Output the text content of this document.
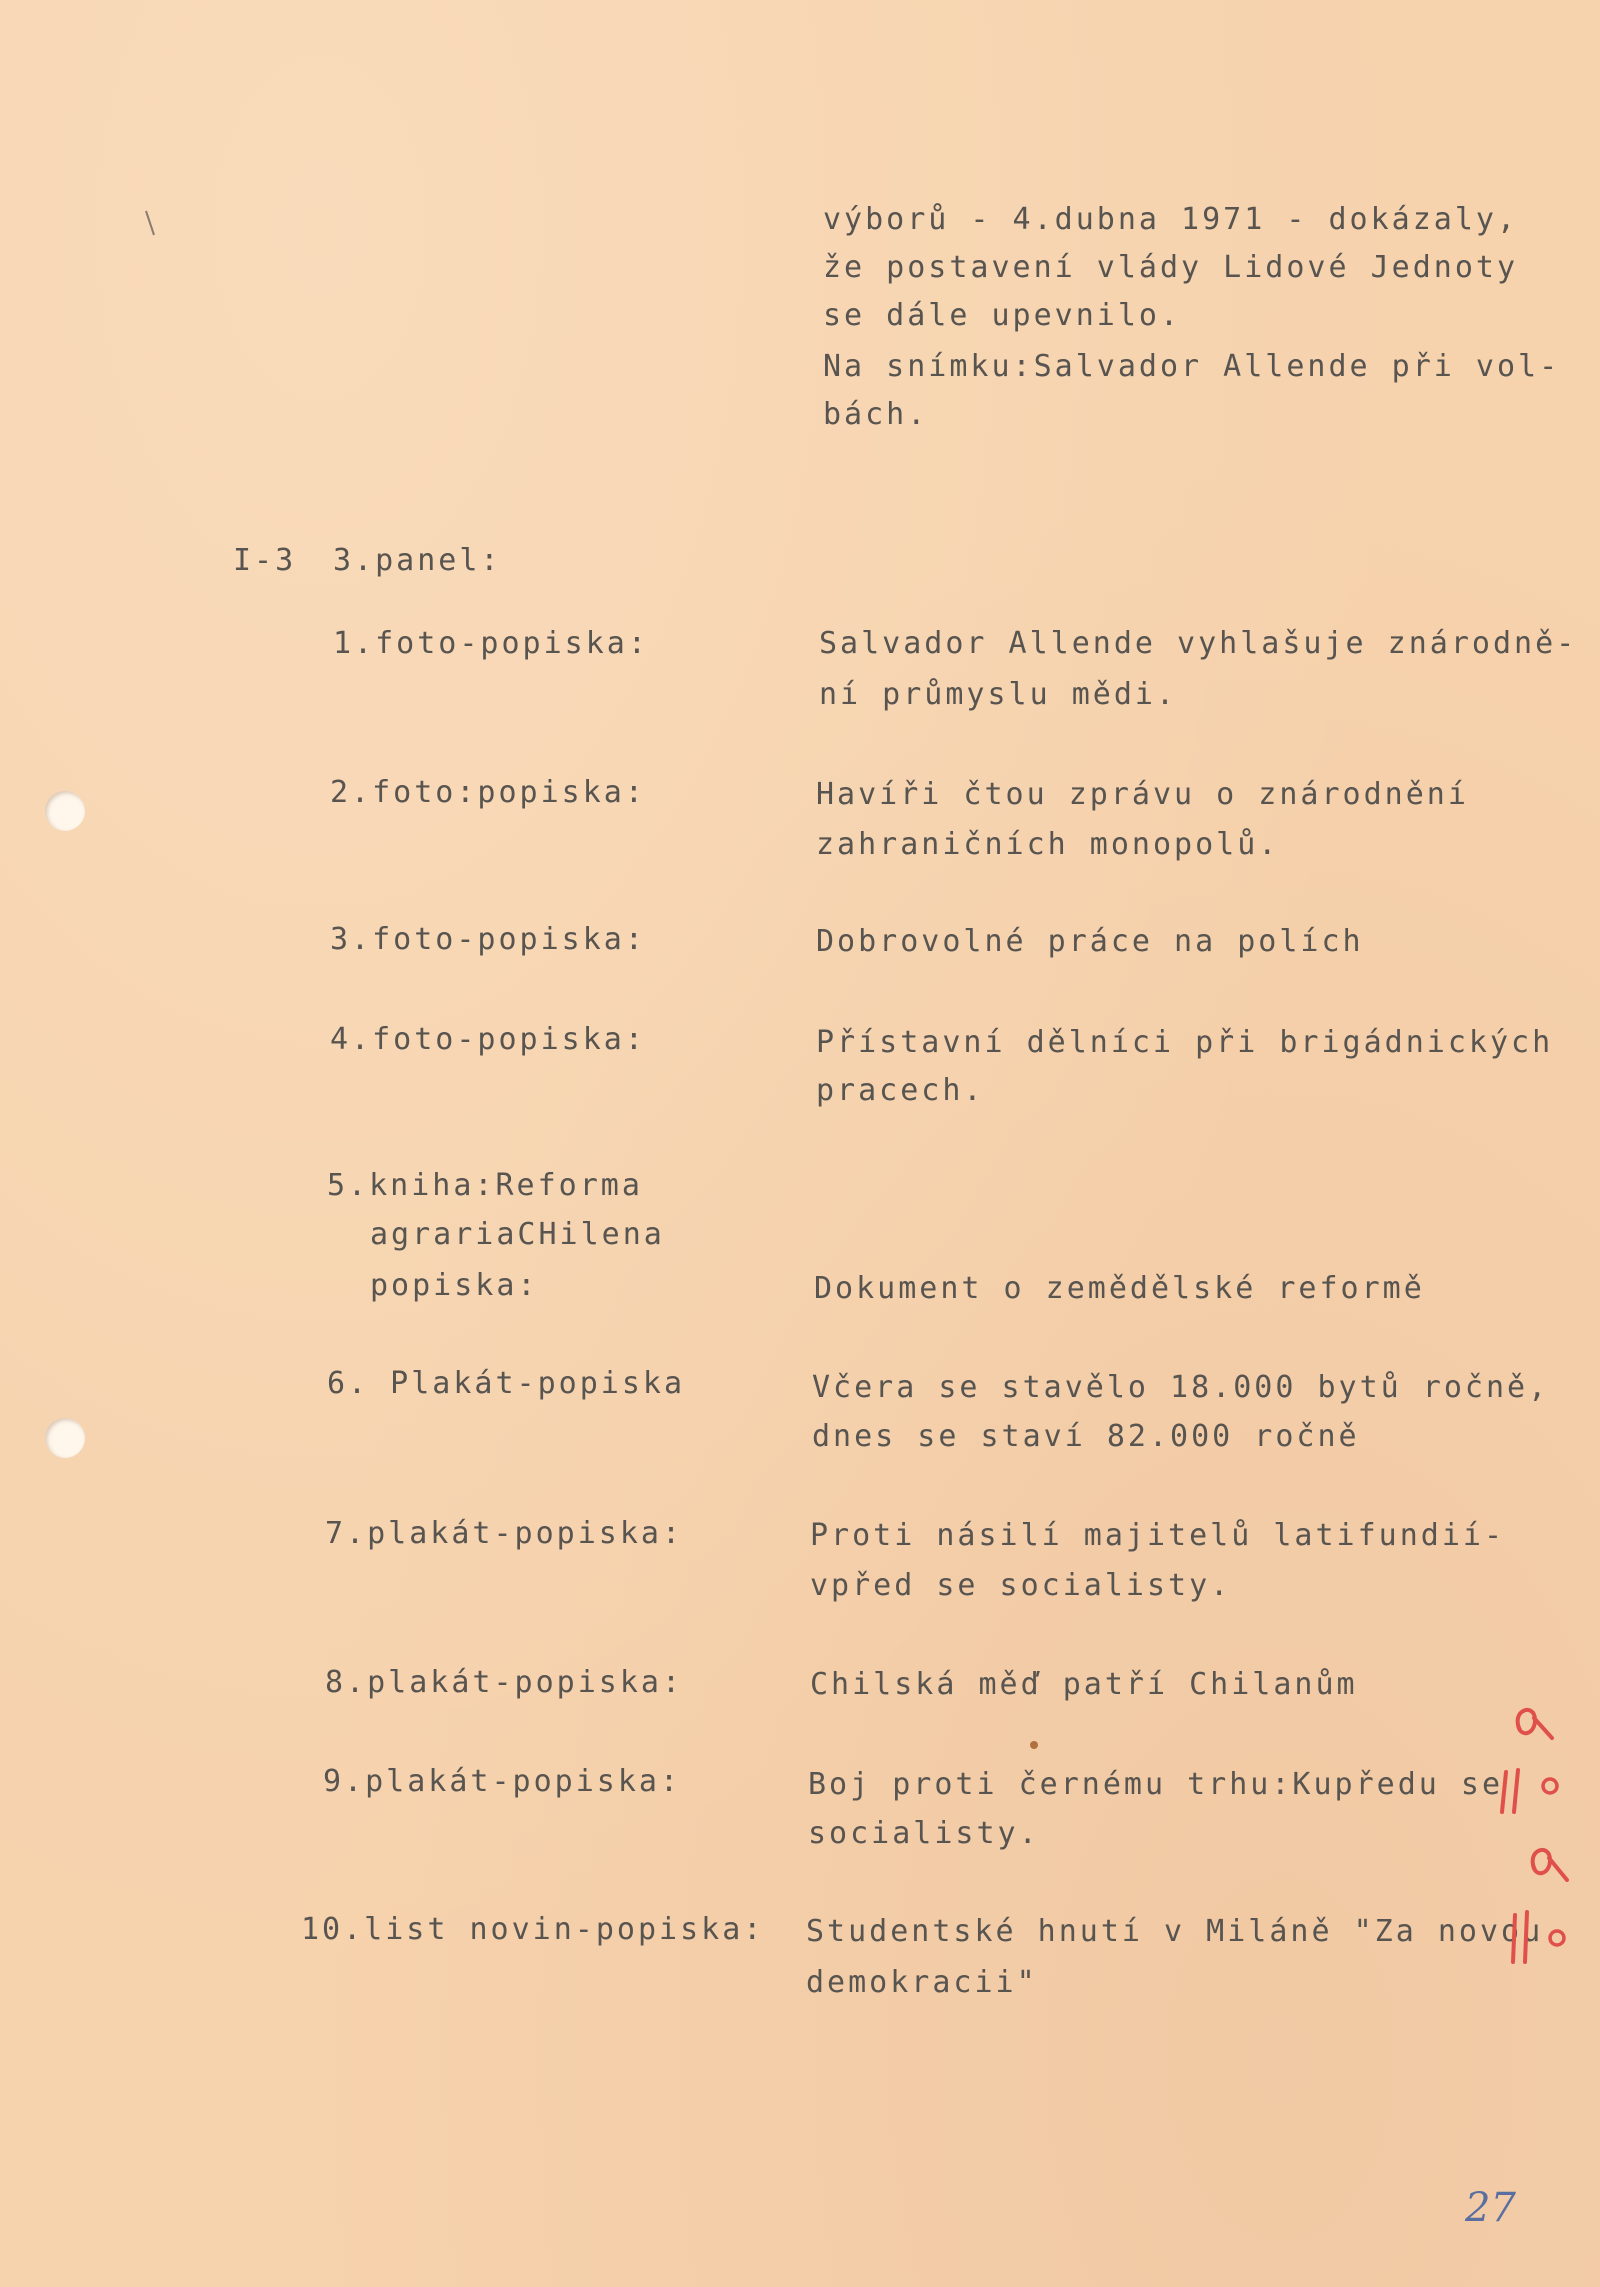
výborů - 4.dubna 1971 - dokázaly,
že postavení vlády Lidové Jednoty
se dále upevnilo.
Na snímku:Salvador Allende při vol-
bách.
I-3 3.panel:
1.foto-popiska:	Salvador Allende vyhlašuje znárodně-
ní průmyslu mědi.
2.foto:popiska:	Havíři čtou zprávu o znárodnění
zahraničních monopolů.
3.foto-popiska:	Dobrovolné práce na polích
4.foto-popiska:	Přístavní dělníci při brigádnických
pracech.
5.kniha:Reforma
agrariaCHilena
popiska:	Dokument o zemědělské reformě
6. Plakát-popiska	Včera se stavělo 18.000 bytů ročně,
dnes se staví 82.000 ročně
7.plakát-popiska:	Proti násilí majitelů latifundií-
vpřed se socialisty.
8.plakát-popiska:	Chilská měď patří Chilanům
9.plakát-popiska:	Boj proti černému trhu:Kupředu se
socialisty.
10.list novin-popiska: Studentské hnutí v Miláně "Za novou
demokracii"
27
